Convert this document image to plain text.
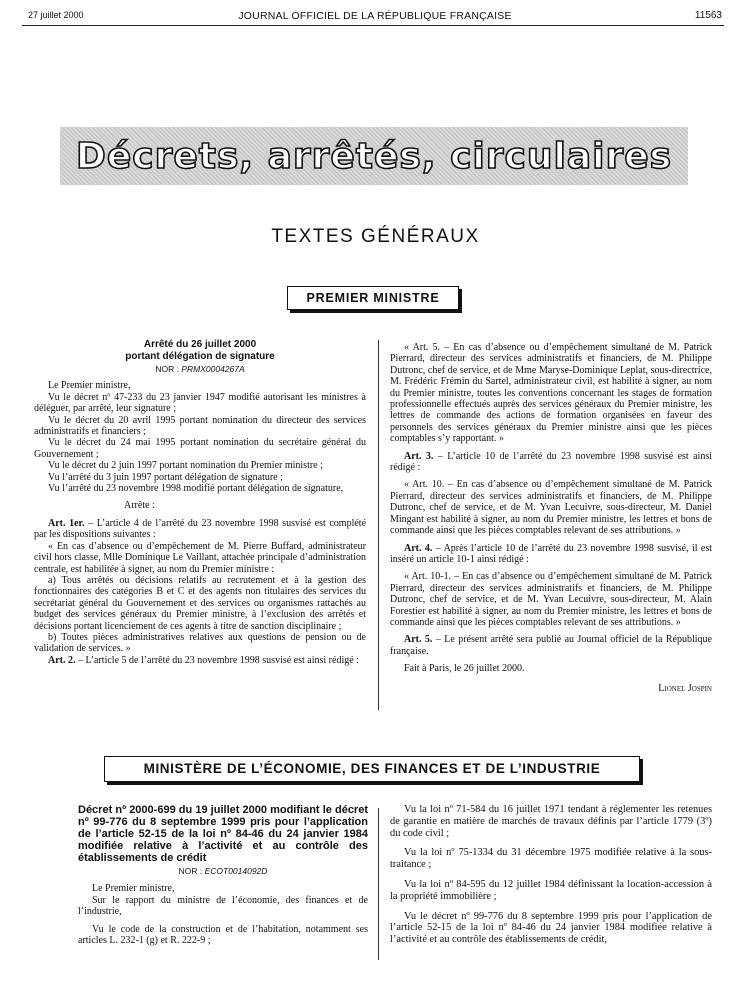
27 juillet 2000	JOURNAL OFFICIEL DE LA RÉPUBLIQUE FRANÇAISE	11563
Décrets, arrêtés, circulaires
TEXTES GÉNÉRAUX
PREMIER MINISTRE
Arrêté du 26 juillet 2000
portant délégation de signature
NOR : PRMX0004267A

Le Premier ministre,

Vu le décret nº 47-233 du 23 janvier 1947 modifié autorisant les ministres à déléguer, par arrêté, leur signature ;

Vu le décret du 20 avril 1995 portant nomination du directeur des services administratifs et financiers ;

Vu le décret du 24 mai 1995 portant nomination du secrétaire général du Gouvernement ;

Vu le décret du 2 juin 1997 portant nomination du Premier ministre ;

Vu l’arrêté du 3 juin 1997 portant délégation de signature ;

Vu l’arrêté du 23 novembre 1998 modifié portant délégation de signature,

Arrête :

Art. 1er. – L’article 4 de l’arrêté du 23 novembre 1998 susvisé est complété par les dispositions suivantes :

« En cas d’absence ou d’empêchement de M. Pierre Buffard, administrateur civil hors classe, Mlle Dominique Le Vaillant, attachée principale d’administration centrale, est habilitée à signer, au nom du Premier ministre :

a) Tous arrêtés ou décisions relatifs au recrutement et à la gestion des fonctionnaires des catégories B et C et des agents non titulaires des services du secrétariat général du Gouvernement et des services ou organismes rattachés au budget des services généraux du Premier ministre, à l’exclusion des arrêtés et décisions portant licenciement de ces agents à titre de sanction disciplinaire ;

b) Toutes pièces administratives relatives aux questions de pension ou de validation de services. »

Art. 2. – L’article 5 de l’arrêté du 23 novembre 1998 susvisé est ainsi rédigé :

« Art. 5. – En cas d’absence ou d’empêchement simultané de M. Patrick Pierrard, directeur des services administratifs et financiers, de M. Philippe Dutronc, chef de service, et de Mme Maryse-Dominique Leplat, sous-directrice, M. Frédéric Frémin du Sartel, administrateur civil, est habilité à signer, au nom du Premier ministre, toutes les conventions concernant les stages de formation professionnelle effectués auprès des services généraux du Premier ministre, les lettres de commande des actions de formation organisées en faveur des personnels des services généraux du Premier ministre ainsi que les pièces comptables s’y rapportant. »

Art. 3. – L’article 10 de l’arrêté du 23 novembre 1998 susvisé est ainsi rédigé :

« Art. 10. – En cas d’absence ou d’empêchement simultané de M. Patrick Pierrard, directeur des services administratifs et financiers, de M. Philippe Dutronc, chef de service, et de M. Yvan Lecuivre, sous-directeur, M. Daniel Mingant est habilité à signer, au nom du Premier ministre, les lettres et bons de commande ainsi que les pièces comptables relevant de ses attributions. »

Art. 4. – Après l’article 10 de l’arrêté du 23 novembre 1998 susvisé, il est inséré un article 10-1 ainsi rédigé :

« Art. 10-1. – En cas d’absence ou d’empêchement simultané de M. Patrick Pierrard, directeur des services administratifs et financiers, de M. Philippe Dutronc, chef de service, et de M. Yvan Lecuivre, sous-directeur, M. Alain Forestier est habilité à signer, au nom du Premier ministre, les lettres et bons de commande ainsi que les pièces comptables relevant de ses attributions. »

Art. 5. – Le présent arrêté sera publié au Journal officiel de la République française.

Fait à Paris, le 26 juillet 2000.

Lionel Jospin
MINISTÈRE DE L’ÉCONOMIE, DES FINANCES ET DE L’INDUSTRIE
Décret nº 2000-699 du 19 juillet 2000 modifiant le décret nº 99-776 du 8 septembre 1999 pris pour l’application de l’article 52-15 de la loi nº 84-46 du 24 janvier 1984 modifiée relative à l’activité et au contrôle des établissements de crédit
NOR : ECOT0014092D

Le Premier ministre,

Sur le rapport du ministre de l’économie, des finances et de l’industrie,

Vu le code de la construction et de l’habitation, notamment ses articles L. 232-1 (g) et R. 222-9 ;

Vu la loi nº 71-584 du 16 juillet 1971 tendant à réglementer les retenues de garantie en matière de marchés de travaux définis par l’article 1779 (3º) du code civil ;

Vu la loi nº 75-1334 du 31 décembre 1975 modifiée relative à la sous-traitance ;

Vu la loi nº 84-595 du 12 juillet 1984 définissant la location-accession à la propriété immobilière ;

Vu le décret nº 99-776 du 8 septembre 1999 pris pour l’application de l’article 52-15 de la loi nº 84-46 du 24 janvier 1984 modifiée relative à l’activité et au contrôle des établissements de crédit,
